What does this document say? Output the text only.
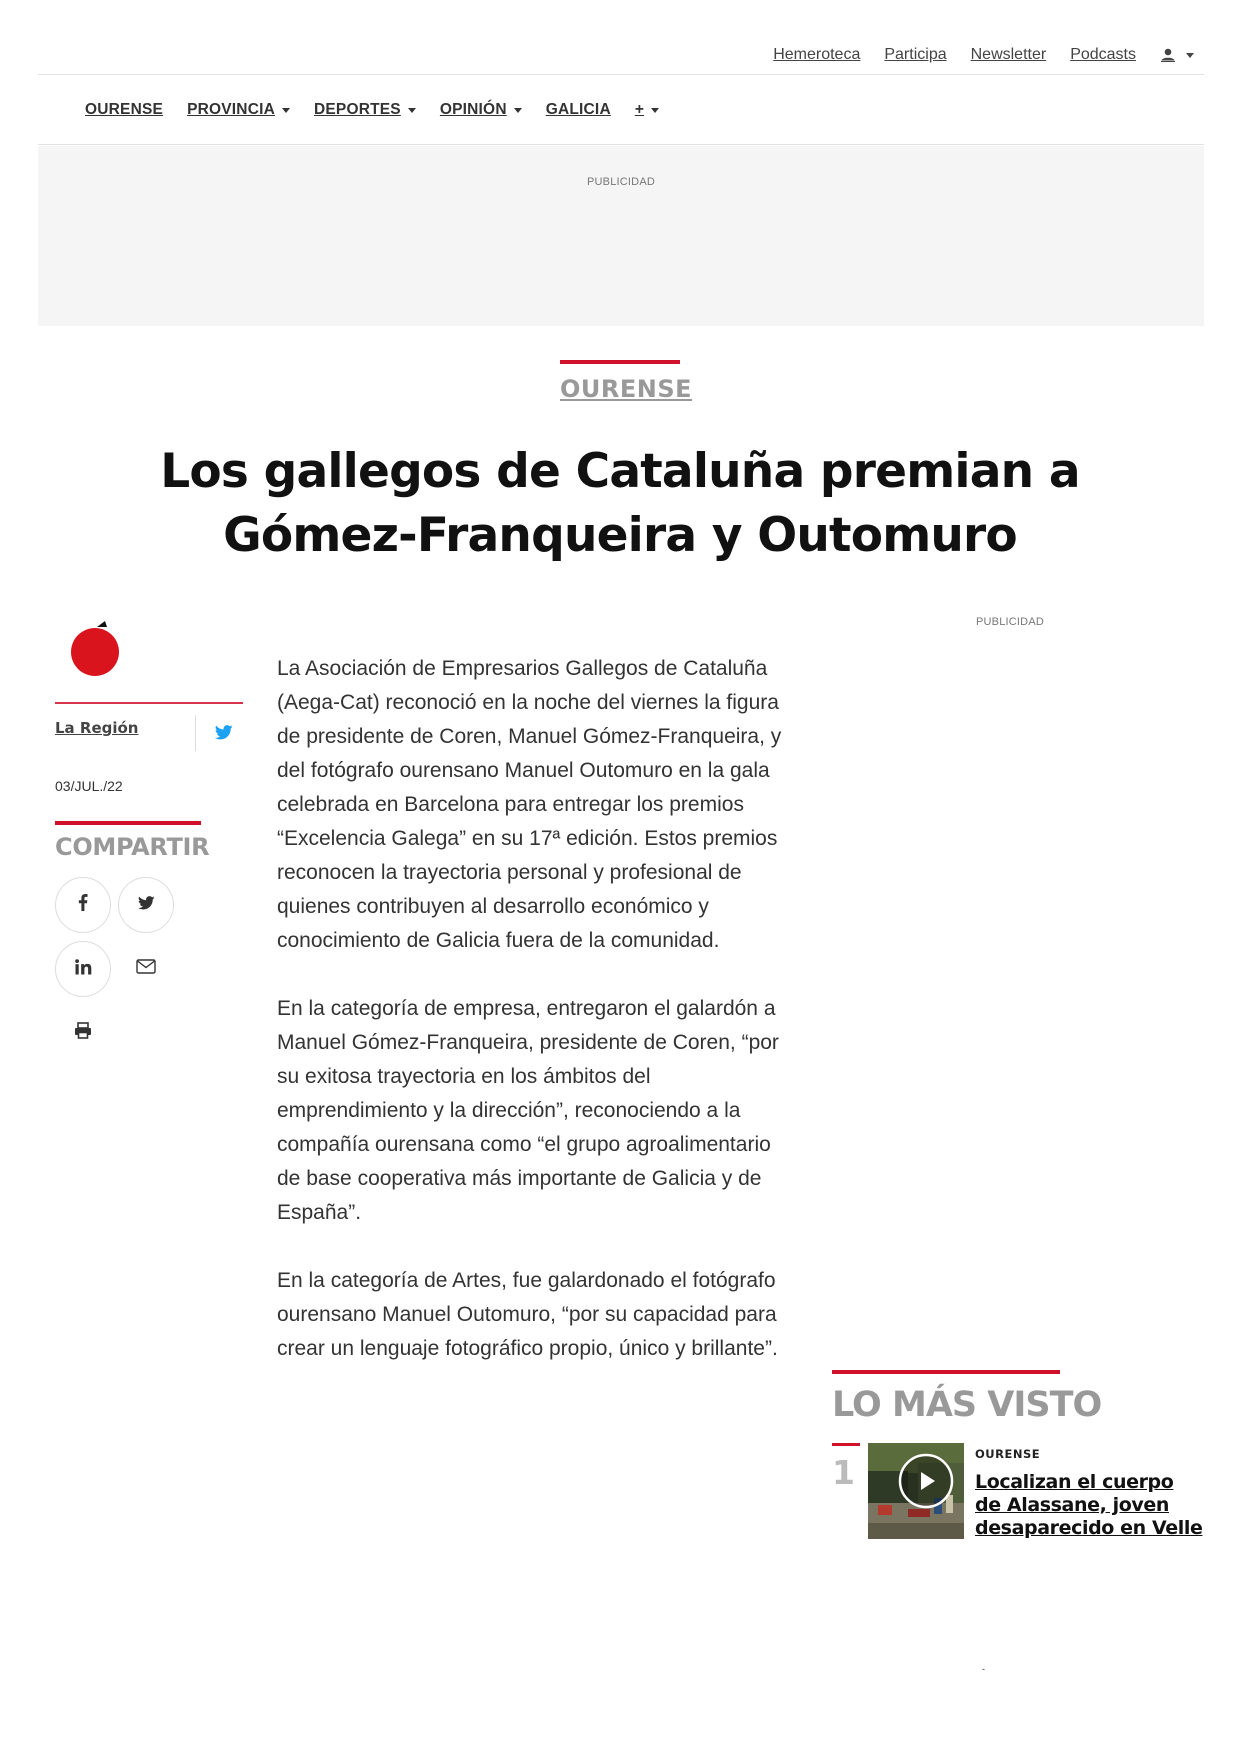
Hemeroteca Participa Newsletter Podcasts
OURENSE PROVINCIA	DEPORTES	OPINIÓN	GALICIA +
PUBLICIDAD
OURENSE
Los gallegos de Cataluña premian a Gómez-Franqueira y Outomuro
La Región
03/JUL./22
COMPARTIR

La Asociación de Empresarios Gallegos de Cataluña (Aega-Cat) reconoció en la noche del viernes la figura de presidente de Coren, Manuel Gómez-Franqueira, y del fotógrafo ourensano Manuel Outomuro en la gala celebrada en Barcelona para entregar los premios “Excelencia Galega” en su 17ª edición. Estos premios reconocen la trayectoria personal y profesional de quienes contribuyen al desarrollo económico y conocimiento de Galicia fuera de la comunidad.

En la categoría de empresa, entregaron el galardón a Manuel Gómez-Franqueira, presidente de Coren, “por su exitosa trayectoria en los ámbitos del emprendimiento y la dirección”, reconociendo a la compañía ourensana como “el grupo agroalimentario de base cooperativa más importante de Galicia y de España”.

En la categoría de Artes, fue galardonado el fotógrafo ourensano Manuel Outomuro, “por su capacidad para crear un lenguaje fotográfico propio, único y brillante”.

PUBLICIDAD
LO MÁS VISTO
1	OURENSE
Localizan el cuerpo de Alassane, joven desaparecido en Velle
-
